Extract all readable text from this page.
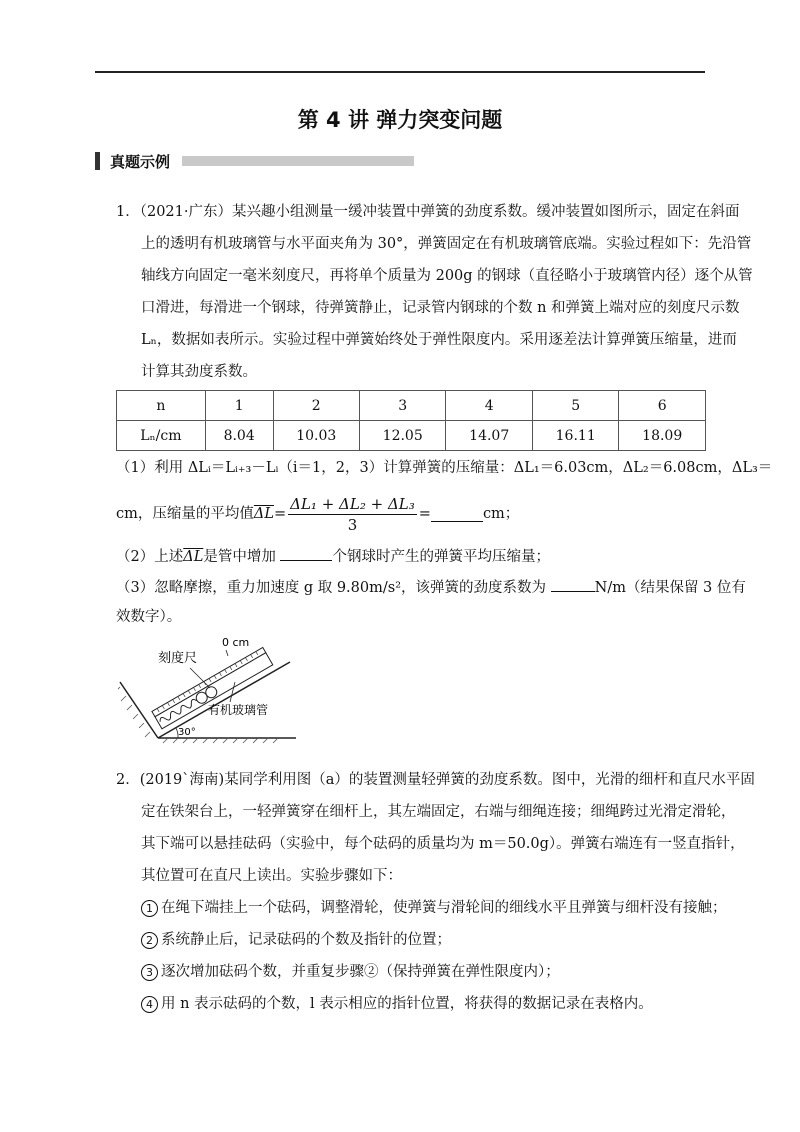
第 4 讲 弹力突变问题
真题示例
1．（2021·广东）某兴趣小组测量一缓冲装置中弹簧的劲度系数。缓冲装置如图所示，固定在斜面
上的透明有机玻璃管与水平面夹角为 30°，弹簧固定在有机玻璃管底端。实验过程如下：先沿管
轴线方向固定一毫米刻度尺，再将单个质量为 200g 的钢球（直径略小于玻璃管内径）逐个从管
口滑进，每滑进一个钢球，待弹簧静止，记录管内钢球的个数 n 和弹簧上端对应的刻度尺示数
Lₙ，数据如表所示。实验过程中弹簧始终处于弹性限度内。采用逐差法计算弹簧压缩量，进而
计算其劲度系数。
n	1	2	3	4	5	6
Lₙ/cm	8.04	10.03	12.05	14.07	16.11	18.09
（1）利用 ΔLᵢ＝Lᵢ₊₃－Lᵢ（i＝1，2，3）计算弹簧的压缩量：ΔL₁＝6.03cm，ΔL₂＝6.08cm，ΔL₃＝
cm，压缩量的平均值 $\overline{\Delta L} = \frac{\text{ΔL₁ + ΔL₂ + ΔL₃}}{3}$ =	cm；
（2）上述$\overline{\Delta L}$是管中增加	个钢球时产生的弹簧平均压缩量；
（3）忽略摩擦，重力加速度 g 取 9.80m/s²，该弹簧的劲度系数为	N/m（结果保留 3 位有
效数字）。
0 cm
刻度尺
有机玻璃管
30°
2．(2019`海南)某同学利用图（a）的装置测量轻弹簧的劲度系数。图中，光滑的细杆和直尺水平固
定在铁架台上，一轻弹簧穿在细杆上，其左端固定，右端与细绳连接；细绳跨过光滑定滑轮，
其下端可以悬挂砝码（实验中，每个砝码的质量均为 m＝50.0g）。弹簧右端连有一竖直指针，
其位置可在直尺上读出。实验步骤如下：
1 在绳下端挂上一个砝码，调整滑轮，使弹簧与滑轮间的细线水平且弹簧与细杆没有接触；
2 系统静止后，记录砝码的个数及指针的位置；
3 逐次增加砝码个数，并重复步骤②（保持弹簧在弹性限度内）；
4 用 n 表示砝码的个数，l 表示相应的指针位置，将获得的数据记录在表格内。
